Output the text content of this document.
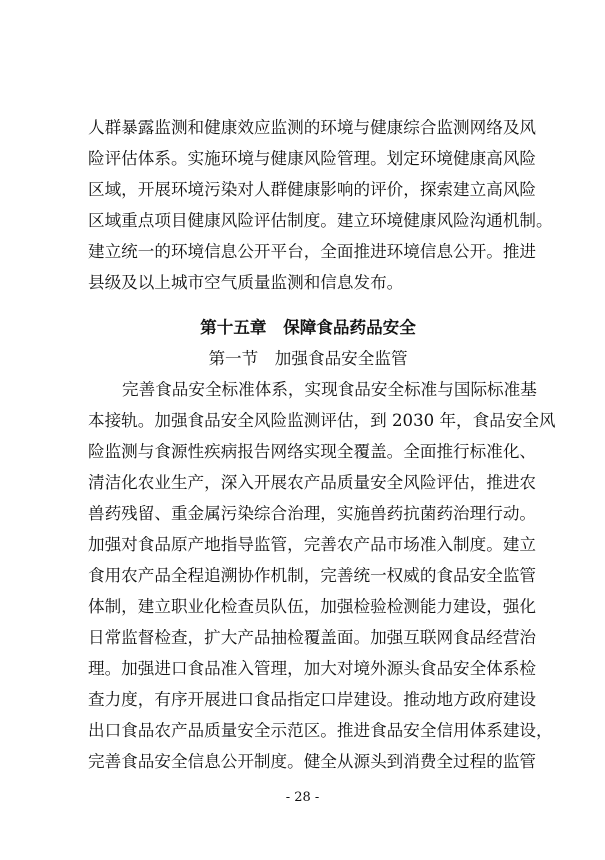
人群暴露监测和健康效应监测的环境与健康综合监测网络及风
险评估体系。实施环境与健康风险管理。划定环境健康高风险
区域，开展环境污染对人群健康影响的评价，探索建立高风险
区域重点项目健康风险评估制度。建立环境健康风险沟通机制。
建立统一的环境信息公开平台，全面推进环境信息公开。推进
县级及以上城市空气质量监测和信息发布。
第十五章　保障食品药品安全
第一节　加强食品安全监管
完善食品安全标准体系，实现食品安全标准与国际标准基
本接轨。加强食品安全风险监测评估，到 2030 年，食品安全风
险监测与食源性疾病报告网络实现全覆盖。全面推行标准化、
清洁化农业生产，深入开展农产品质量安全风险评估，推进农
兽药残留、重金属污染综合治理，实施兽药抗菌药治理行动。
加强对食品原产地指导监管，完善农产品市场准入制度。建立
食用农产品全程追溯协作机制，完善统一权威的食品安全监管
体制，建立职业化检查员队伍，加强检验检测能力建设，强化
日常监督检查，扩大产品抽检覆盖面。加强互联网食品经营治
理。加强进口食品准入管理，加大对境外源头食品安全体系检
查力度，有序开展进口食品指定口岸建设。推动地方政府建设
出口食品农产品质量安全示范区。推进食品安全信用体系建设，
完善食品安全信息公开制度。健全从源头到消费全过程的监管
- 28 -
